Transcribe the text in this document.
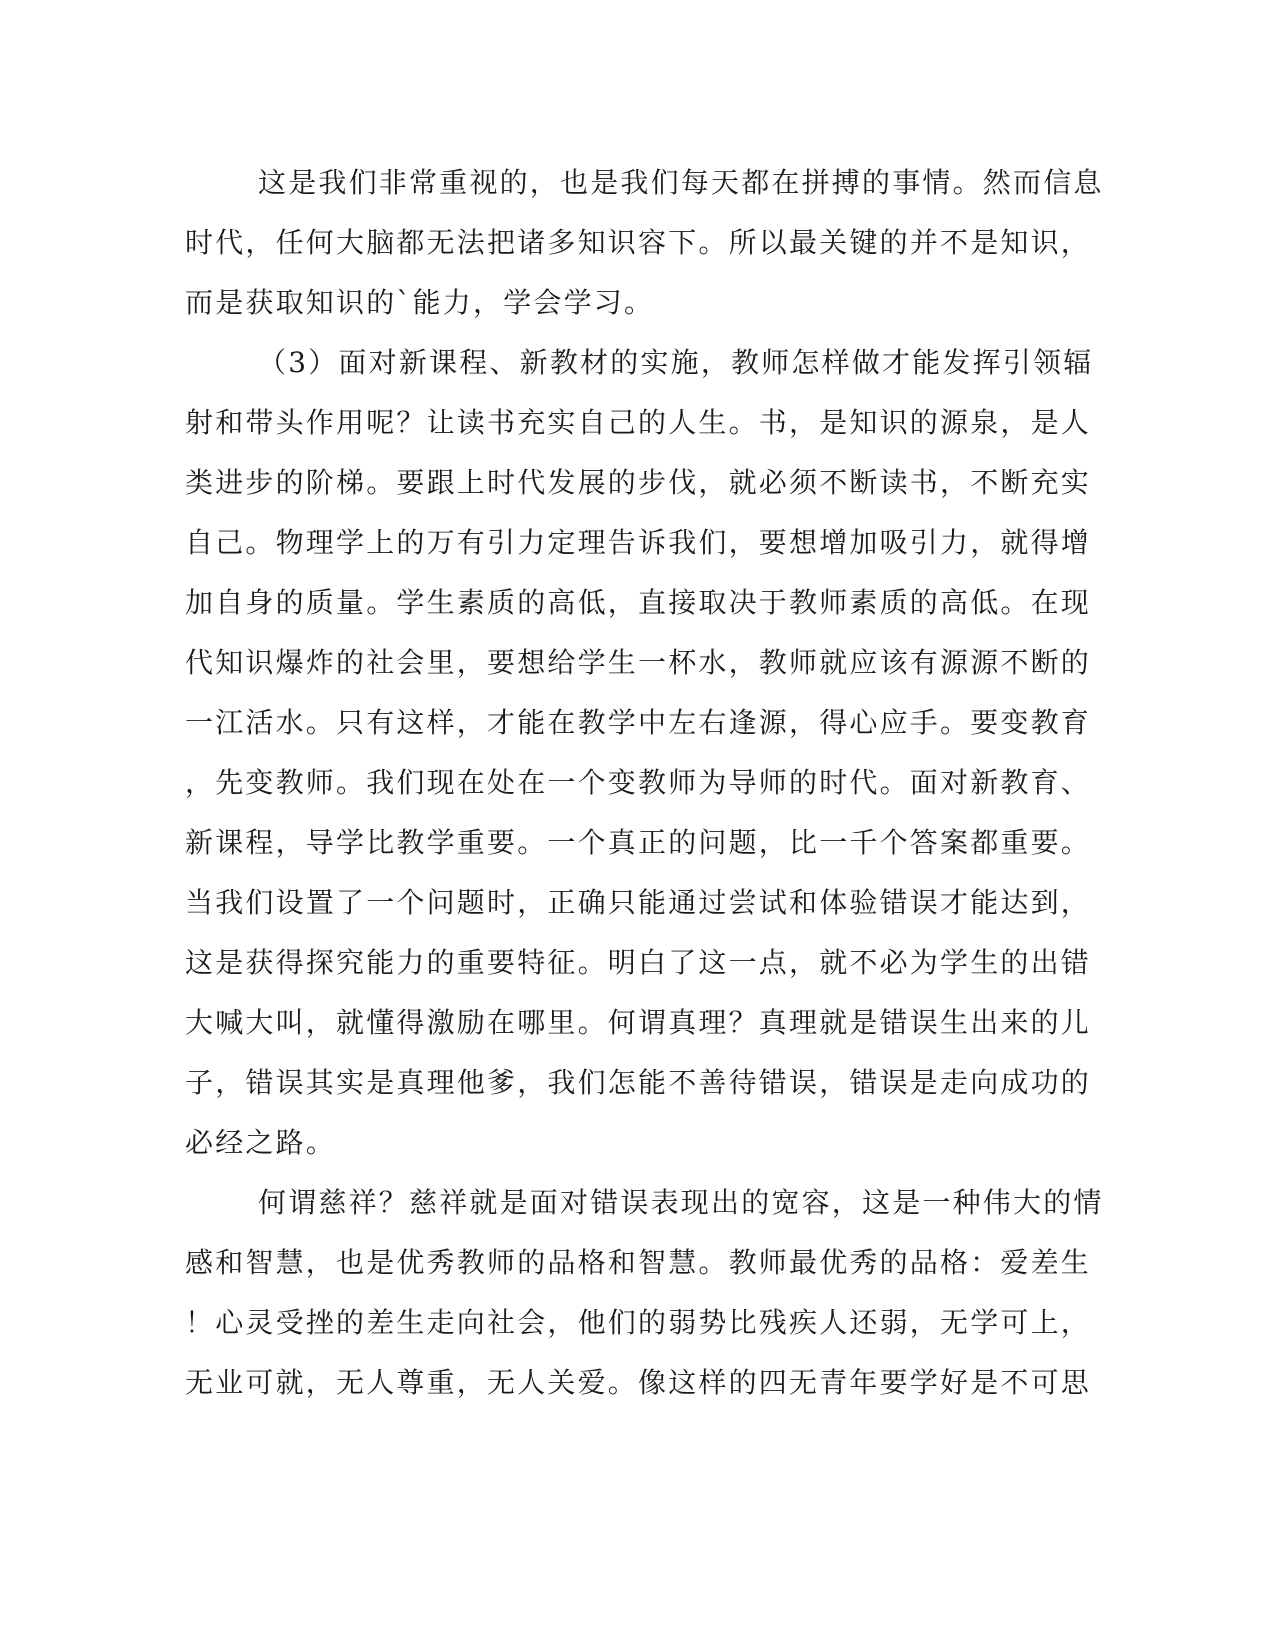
这是我们非常重视的，也是我们每天都在拼搏的事情。然而信息

时代，任何大脑都无法把诸多知识容下。所以最关键的并不是知识，

而是获取知识的`能力，学会学习。

（3）面对新课程、新教材的实施，教师怎样做才能发挥引领辐

射和带头作用呢？让读书充实自己的人生。书，是知识的源泉，是人

类进步的阶梯。要跟上时代发展的步伐，就必须不断读书，不断充实

自己。物理学上的万有引力定理告诉我们，要想增加吸引力，就得增

加自身的质量。学生素质的高低，直接取决于教师素质的高低。在现

代知识爆炸的社会里，要想给学生一杯水，教师就应该有源源不断的

一江活水。只有这样，才能在教学中左右逢源，得心应手。要变教育

，先变教师。我们现在处在一个变教师为导师的时代。面对新教育、

新课程，导学比教学重要。一个真正的问题，比一千个答案都重要。

当我们设置了一个问题时，正确只能通过尝试和体验错误才能达到，

这是获得探究能力的重要特征。明白了这一点，就不必为学生的出错

大喊大叫，就懂得激励在哪里。何谓真理？真理就是错误生出来的儿

子，错误其实是真理他爹，我们怎能不善待错误，错误是走向成功的

必经之路。

何谓慈祥？慈祥就是面对错误表现出的宽容，这是一种伟大的情

感和智慧，也是优秀教师的品格和智慧。教师最优秀的品格：爱差生

！心灵受挫的差生走向社会，他们的弱势比残疾人还弱，无学可上，

无业可就，无人尊重，无人关爱。像这样的四无青年要学好是不可思
